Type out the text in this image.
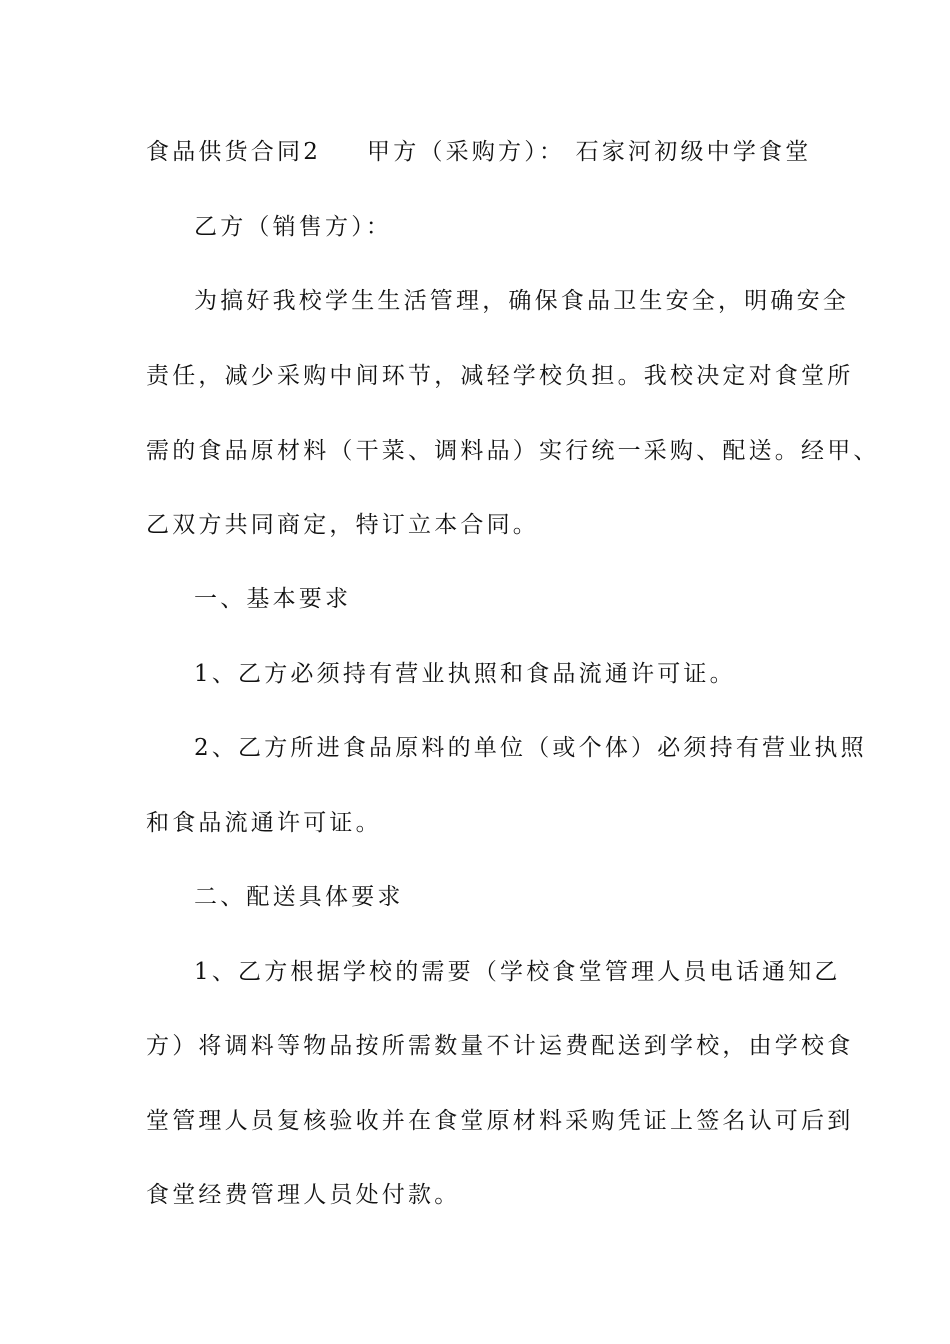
食品供货合同2 甲方（采购方）： 石家河初级中学食堂
乙方（销售方）：
为搞好我校学生生活管理，确保食品卫生安全，明确安全
责任，减少采购中间环节，减轻学校负担。我校决定对食堂所
需的食品原材料（干菜、调料品）实行统一采购、配送。经甲、
乙双方共同商定，特订立本合同。
一、基本要求
1、乙方必须持有营业执照和食品流通许可证。
2、乙方所进食品原料的单位（或个体）必须持有营业执照
和食品流通许可证。
二、配送具体要求
1、乙方根据学校的需要（学校食堂管理人员电话通知乙
方）将调料等物品按所需数量不计运费配送到学校，由学校食
堂管理人员复核验收并在食堂原材料采购凭证上签名认可后到
食堂经费管理人员处付款。
